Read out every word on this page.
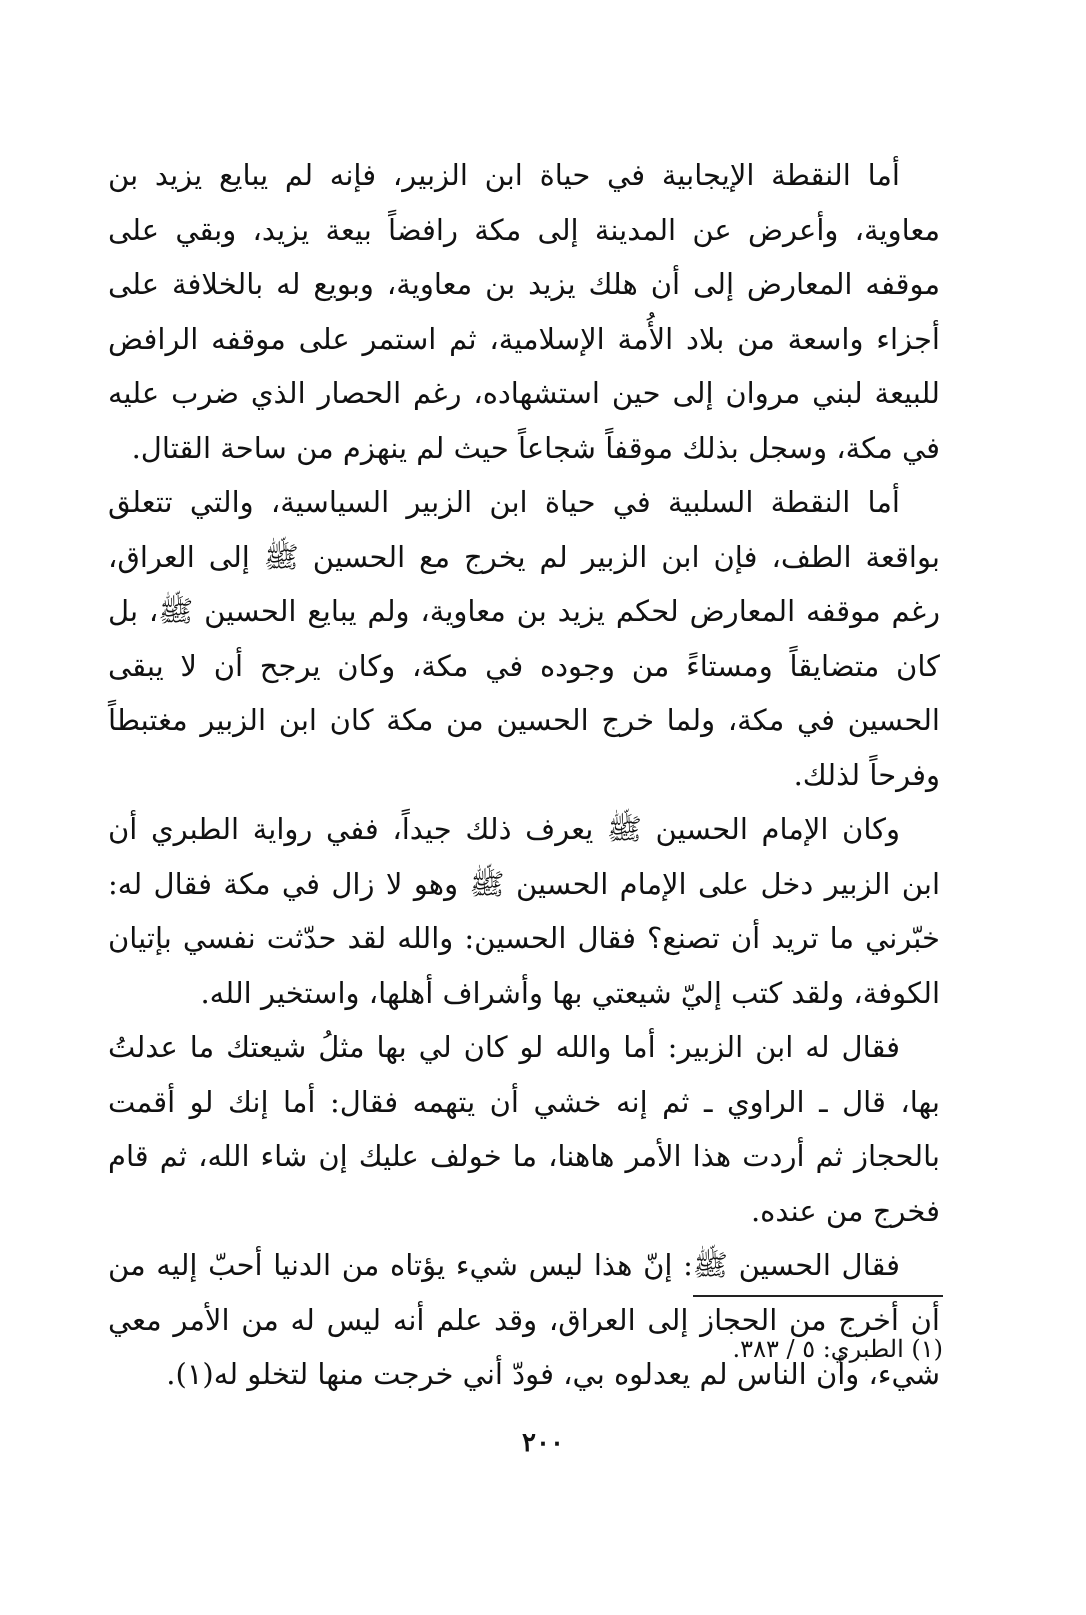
أما النقطة الإيجابية في حياة ابن الزبير، فإنه لم يبايع يزيد بن معاوية، وأعرض عن المدينة إلى مكة رافضاً بيعة يزيد، وبقي على موقفه المعارض إلى أن هلك يزيد بن معاوية، وبويع له بالخلافة على أجزاء واسعة من بلاد الأُمة الإسلامية، ثم استمر على موقفه الرافض للبيعة لبني مروان إلى حين استشهاده، رغم الحصار الذي ضرب عليه في مكة، وسجل بذلك موقفاً شجاعاً حيث لم ينهزم من ساحة القتال.

أما النقطة السلبية في حياة ابن الزبير السياسية، والتي تتعلق بواقعة الطف، فإن ابن الزبير لم يخرج مع الحسين ﷺ إلى العراق، رغم موقفه المعارض لحكم يزيد بن معاوية، ولم يبايع الحسين ﷺ، بل كان متضايقاً ومستاءً من وجوده في مكة، وكان يرجح أن لا يبقى الحسين في مكة، ولما خرج الحسين من مكة كان ابن الزبير مغتبطاً وفرحاً لذلك.

وكان الإمام الحسين ﷺ يعرف ذلك جيداً، ففي رواية الطبري أن ابن الزبير دخل على الإمام الحسين ﷺ وهو لا زال في مكة فقال له: خبّرني ما تريد أن تصنع؟ فقال الحسين: والله لقد حدّثت نفسي بإتيان الكوفة، ولقد كتب إليّ شيعتي بها وأشراف أهلها، واستخير الله.

فقال له ابن الزبير: أما والله لو كان لي بها مثلُ شيعتك ما عدلتُ بها، قال ـ الراوي ـ ثم إنه خشي أن يتهمه فقال: أما إنك لو أقمت بالحجاز ثم أردت هذا الأمر هاهنا، ما خولف عليك إن شاء الله، ثم قام فخرج من عنده.

فقال الحسين ﷺ: إنّ هذا ليس شيء يؤتاه من الدنيا أحبّ إليه من أن أخرج من الحجاز إلى العراق، وقد علم أنه ليس له من الأمر معي شيء، وأن الناس لم يعدلوه بي، فودّ أني خرجت منها لتخلو له(١).

(١) الطبري: ٥ / ٣٨٣.
٢٠٠
